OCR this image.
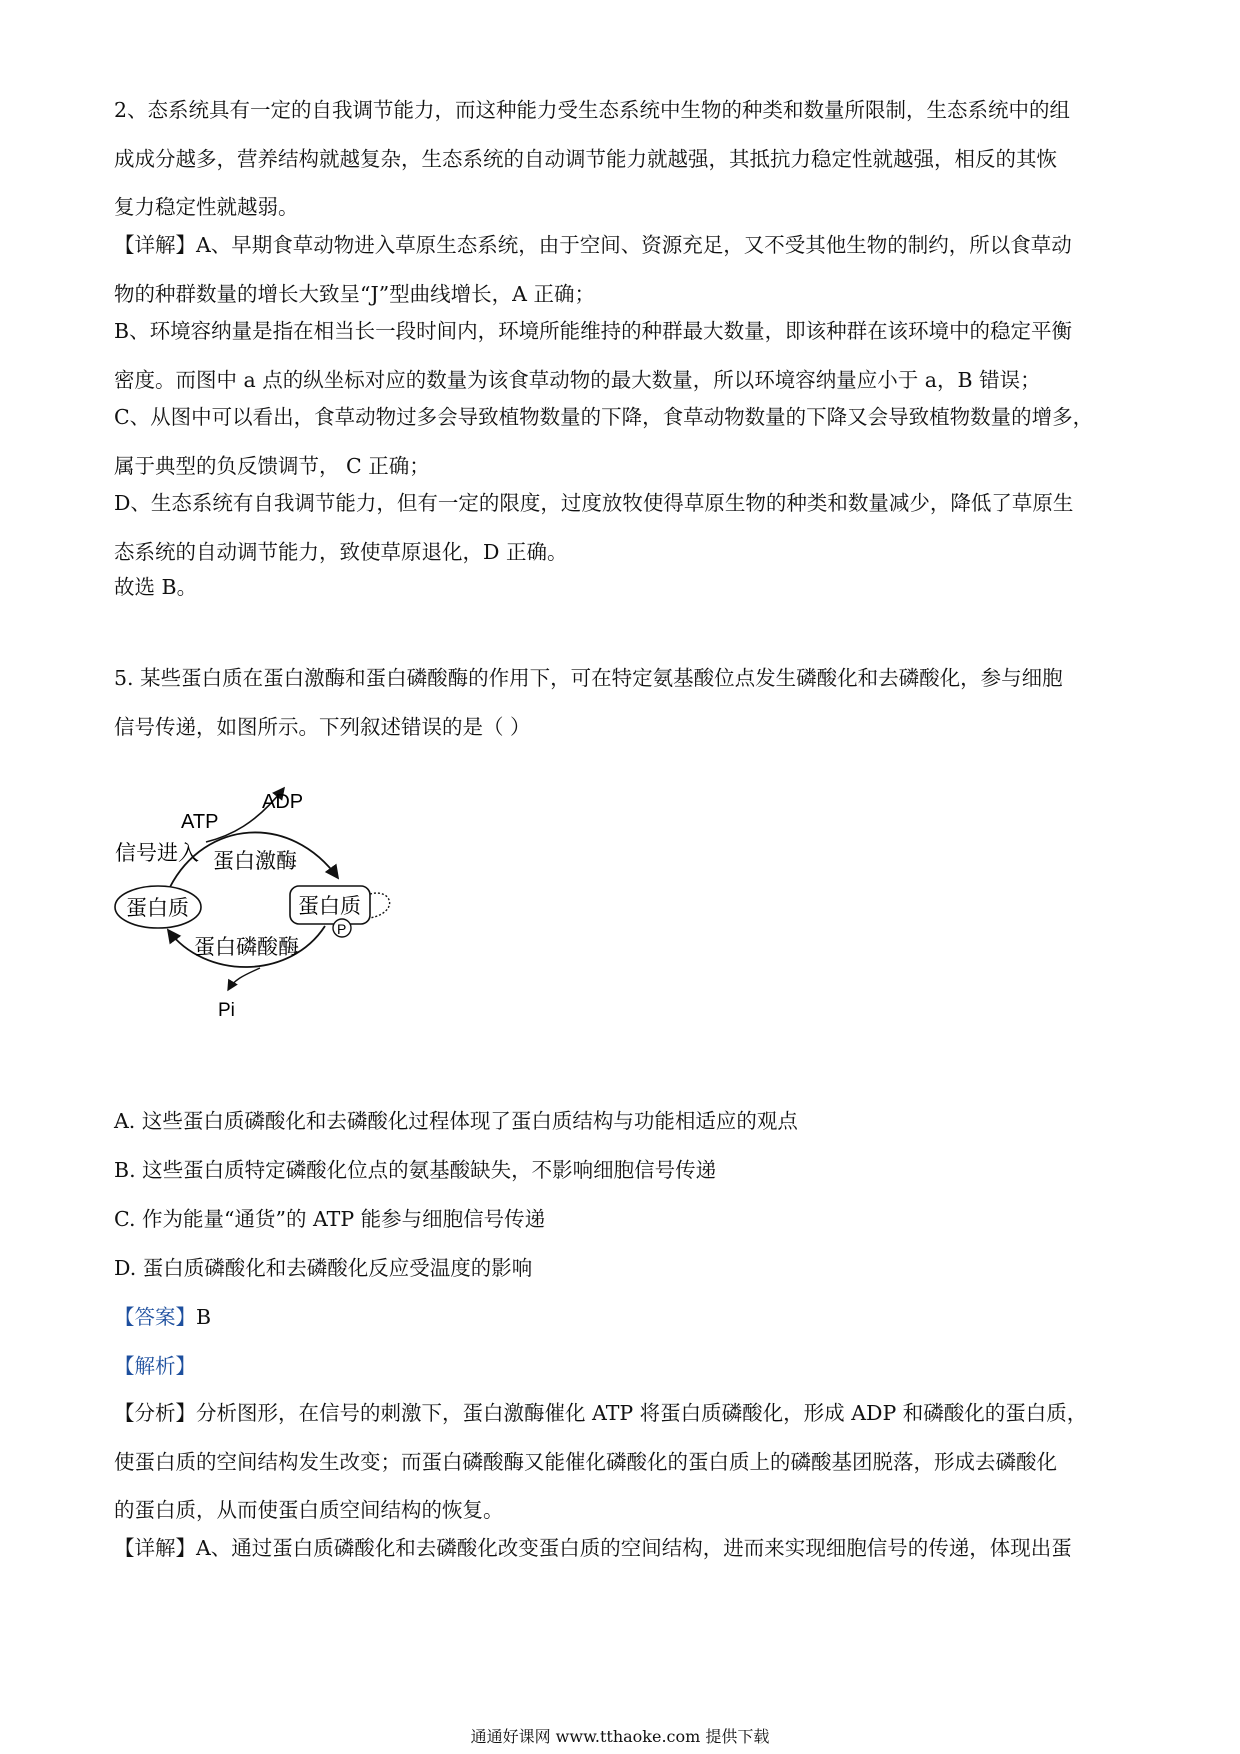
2、态系统具有一定的自我调节能力，而这种能力受生态系统中生物的种类和数量所限制，生态系统中的组
成成分越多，营养结构就越复杂，生态系统的自动调节能力就越强，其抵抗力稳定性就越强，相反的其恢
复力稳定性就越弱。

【详解】A、早期食草动物进入草原生态系统，由于空间、资源充足，又不受其他生物的制约，所以食草动
物的种群数量的增长大致呈“J”型曲线增长，A 正确；

B、环境容纳量是指在相当长一段时间内，环境所能维持的种群最大数量，即该种群在该环境中的稳定平衡
密度。而图中 a 点的纵坐标对应的数量为该食草动物的最大数量，所以环境容纳量应小于 a，B 错误；

C、从图中可以看出，食草动物过多会导致植物数量的下降，食草动物数量的下降又会导致植物数量的增多，
属于典型的负反馈调节， C 正确；

D、生态系统有自我调节能力，但有一定的限度，过度放牧使得草原生物的种类和数量减少，降低了草原生
态系统的自动调节能力，致使草原退化，D 正确。

故选 B。

5. 某些蛋白质在蛋白激酶和蛋白磷酸酶的作用下，可在特定氨基酸位点发生磷酸化和去磷酸化，参与细胞
信号传递，如图所示。下列叙述错误的是（ ）

ADP
ATP
信号进入 蛋白激酶
蛋白质	蛋白质
P
蛋白磷酸酶
Pi

A. 这些蛋白质磷酸化和去磷酸化过程体现了蛋白质结构与功能相适应的观点

B. 这些蛋白质特定磷酸化位点的氨基酸缺失，不影响细胞信号传递

C. 作为能量“通货”的 ATP 能参与细胞信号传递

D. 蛋白质磷酸化和去磷酸化反应受温度的影响

【答案】B

【解析】

【分析】分析图形，在信号的刺激下，蛋白激酶催化 ATP 将蛋白质磷酸化，形成 ADP 和磷酸化的蛋白质，
使蛋白质的空间结构发生改变；而蛋白磷酸酶又能催化磷酸化的蛋白质上的磷酸基团脱落，形成去磷酸化
的蛋白质，从而使蛋白质空间结构的恢复。

【详解】A、通过蛋白质磷酸化和去磷酸化改变蛋白质的空间结构，进而来实现细胞信号的传递，体现出蛋

通通好课网 www.tthaoke.com 提供下载
